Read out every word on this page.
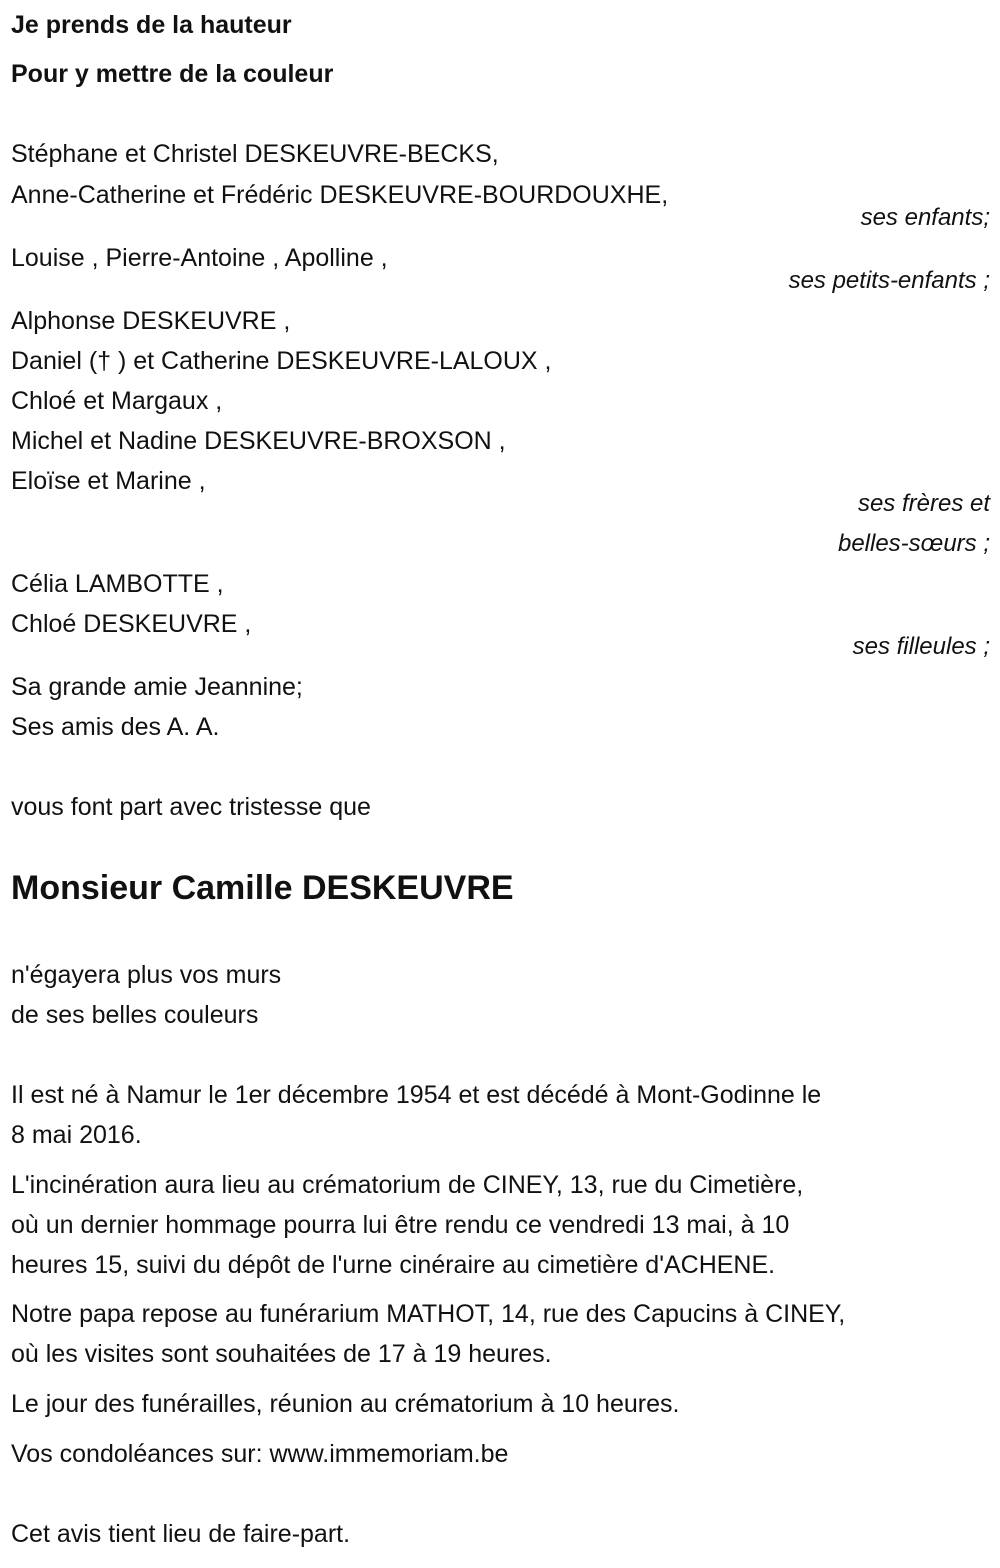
Je prends de la hauteur
Pour y mettre de la couleur
Stéphane et Christel DESKEUVRE-BECKS,
Anne-Catherine et Frédéric DESKEUVRE-BOURDOUXHE,
ses enfants;
Louise , Pierre-Antoine , Apolline ,
ses petits-enfants ;
Alphonse DESKEUVRE ,
Daniel († ) et Catherine DESKEUVRE-LALOUX ,
Chloé et Margaux ,
Michel et Nadine DESKEUVRE-BROXSON ,
Eloïse et Marine ,
ses frères et
belles-sœurs ;
Célia LAMBOTTE ,
Chloé DESKEUVRE ,
ses filleules ;
Sa grande amie Jeannine;
Ses amis des A. A.
vous font part avec tristesse que
Monsieur Camille DESKEUVRE
n'égayera plus vos murs
de ses belles couleurs
Il est né à Namur le 1er décembre 1954 et est décédé à Mont-Godinne le
8 mai 2016.
L'incinération aura lieu au crématorium de CINEY, 13, rue du Cimetière,
où un dernier hommage pourra lui être rendu ce vendredi 13 mai, à 10
heures 15, suivi du dépôt de l'urne cinéraire au cimetière d'ACHENE.
Notre papa repose au funérarium MATHOT, 14, rue des Capucins à CINEY,
où les visites sont souhaitées de 17 à 19 heures.
Le jour des funérailles, réunion au crématorium à 10 heures.
Vos condoléances sur: www.immemoriam.be
Cet avis tient lieu de faire-part.
